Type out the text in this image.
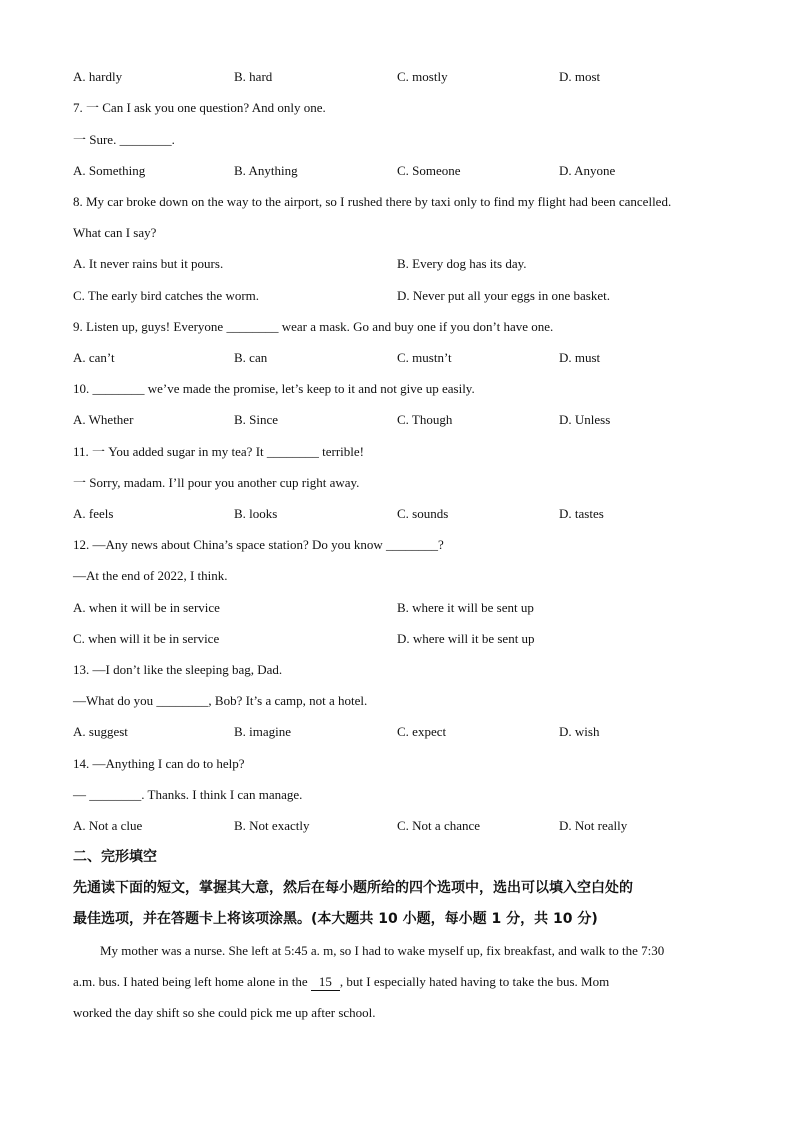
A. hardly	B. hard	C. mostly	D. most
7. 一 Can I ask you one question? And only one.
一 Sure. ________.
A. Something	B. Anything	C. Someone	D. Anyone
8. My car broke down on the way to the airport, so I rushed there by taxi only to find my flight had been cancelled.
What can I say?
A. It never rains but it pours.	B. Every dog has its day.
C. The early bird catches the worm.	D. Never put all your eggs in one basket.
9. Listen up, guys! Everyone ________ wear a mask. Go and buy one if you don’t have one.
A. can’t	B. can	C. mustn’t	D. must
10. ________ we’ve made the promise, let’s keep to it and not give up easily.
A. Whether	B. Since	C. Though	D. Unless
11. 一 You added sugar in my tea? It ________ terrible!
一 Sorry, madam. I’ll pour you another cup right away.
A. feels	B. looks	C. sounds	D. tastes
12. —Any news about China’s space station? Do you know ________?
—At the end of 2022, I think.
A. when it will be in service	B. where it will be sent up
C. when will it be in service	D. where will it be sent up
13. —I don’t like the sleeping bag, Dad.
—What do you ________, Bob? It’s a camp, not a hotel.
A. suggest	B. imagine	C. expect	D. wish
14. —Anything I can do to help?
— ________. Thanks. I think I can manage.
A. Not a clue	B. Not exactly	C. Not a chance	D. Not really
二、完形填空
先通读下面的短文，掌握其大意，然后在每小题所给的四个选项中，选出可以填入空白处的
最佳选项，并在答题卡上将该项涂黑。(本大题共 10 小题，每小题 1 分，共 10 分)
My mother was a nurse. She left at 5:45 a. m, so I had to wake myself up, fix breakfast, and walk to the 7:30
a.m. bus. I hated being left home alone in the 15 , but I especially hated having to take the bus. Mom
worked the day shift so she could pick me up after school.
